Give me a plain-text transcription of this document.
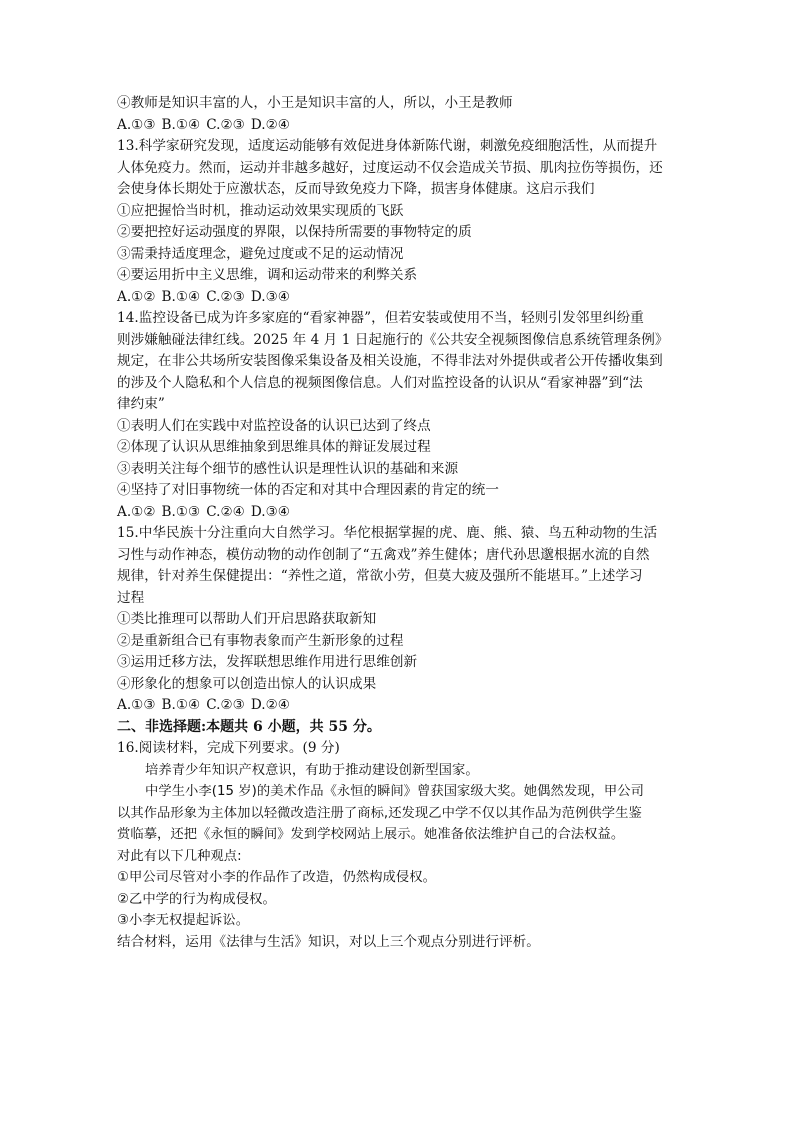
④教师是知识丰富的人，小王是知识丰富的人，所以，小王是教师
A.①③ B.①④ C.②③ D.②④
13.科学家研究发现，适度运动能够有效促进身体新陈代谢，刺激免疫细胞活性，从而提升
人体免疫力。然而，运动并非越多越好，过度运动不仅会造成关节损、肌肉拉伤等损伤，还
会使身体长期处于应激状态，反而导致免疫力下降，损害身体健康。这启示我们
①应把握恰当时机，推动运动效果实现质的飞跃
②要把控好运动强度的界限，以保持所需要的事物特定的质
③需秉持适度理念，避免过度或不足的运动情况
④要运用折中主义思维，调和运动带来的利弊关系
A.①② B.①④ C.②③ D.③④
14.监控设备已成为许多家庭的“看家神器”，但若安装或使用不当，轻则引发邻里纠纷重
则涉嫌触碰法律红线。2025 年 4 月 1 日起施行的《公共安全视频图像信息系统管理条例》
规定，在非公共场所安装图像采集设备及相关设施，不得非法对外提供或者公开传播收集到
的涉及个人隐私和个人信息的视频图像信息。人们对监控设备的认识从“看家神器”到“法
律约束”
①表明人们在实践中对监控设备的认识已达到了终点
②体现了认识从思维抽象到思维具体的辩证发展过程
③表明关注每个细节的感性认识是理性认识的基础和来源
④坚持了对旧事物统一体的否定和对其中合理因素的肯定的统一
A.①② B.①③ C.②④ D.③④
15.中华民族十分注重向大自然学习。华佗根据掌握的虎、鹿、熊、猿、鸟五种动物的生活
习性与动作神态，模仿动物的动作创制了“五禽戏”养生健体；唐代孙思邈根据水流的自然
规律，针对养生保健提出：“养性之道，常欲小劳，但莫大疲及强所不能堪耳。”上述学习
过程
①类比推理可以帮助人们开启思路获取新知
②是重新组合已有事物表象而产生新形象的过程
③运用迁移方法，发挥联想思维作用进行思维创新
④形象化的想象可以创造出惊人的认识成果
A.①③ B.①④ C.②③ D.②④
二、非选择题:本题共 6 小题，共 55 分。
16.阅读材料，完成下列要求。(9 分)
培养青少年知识产权意识，有助于推动建设创新型国家。
中学生小李(15 岁)的美术作品《永恒的瞬间》曾获国家级大奖。她偶然发现，甲公司
以其作品形象为主体加以轻微改造注册了商标,还发现乙中学不仅以其作品为范例供学生鉴
赏临摹，还把《永恒的瞬间》发到学校网站上展示。她准备依法维护自己的合法权益。
对此有以下几种观点:
①甲公司尽管对小李的作品作了改造，仍然构成侵权。
②乙中学的行为构成侵权。
③小李无权提起诉讼。
结合材料，运用《法律与生活》知识，对以上三个观点分别进行评析。
